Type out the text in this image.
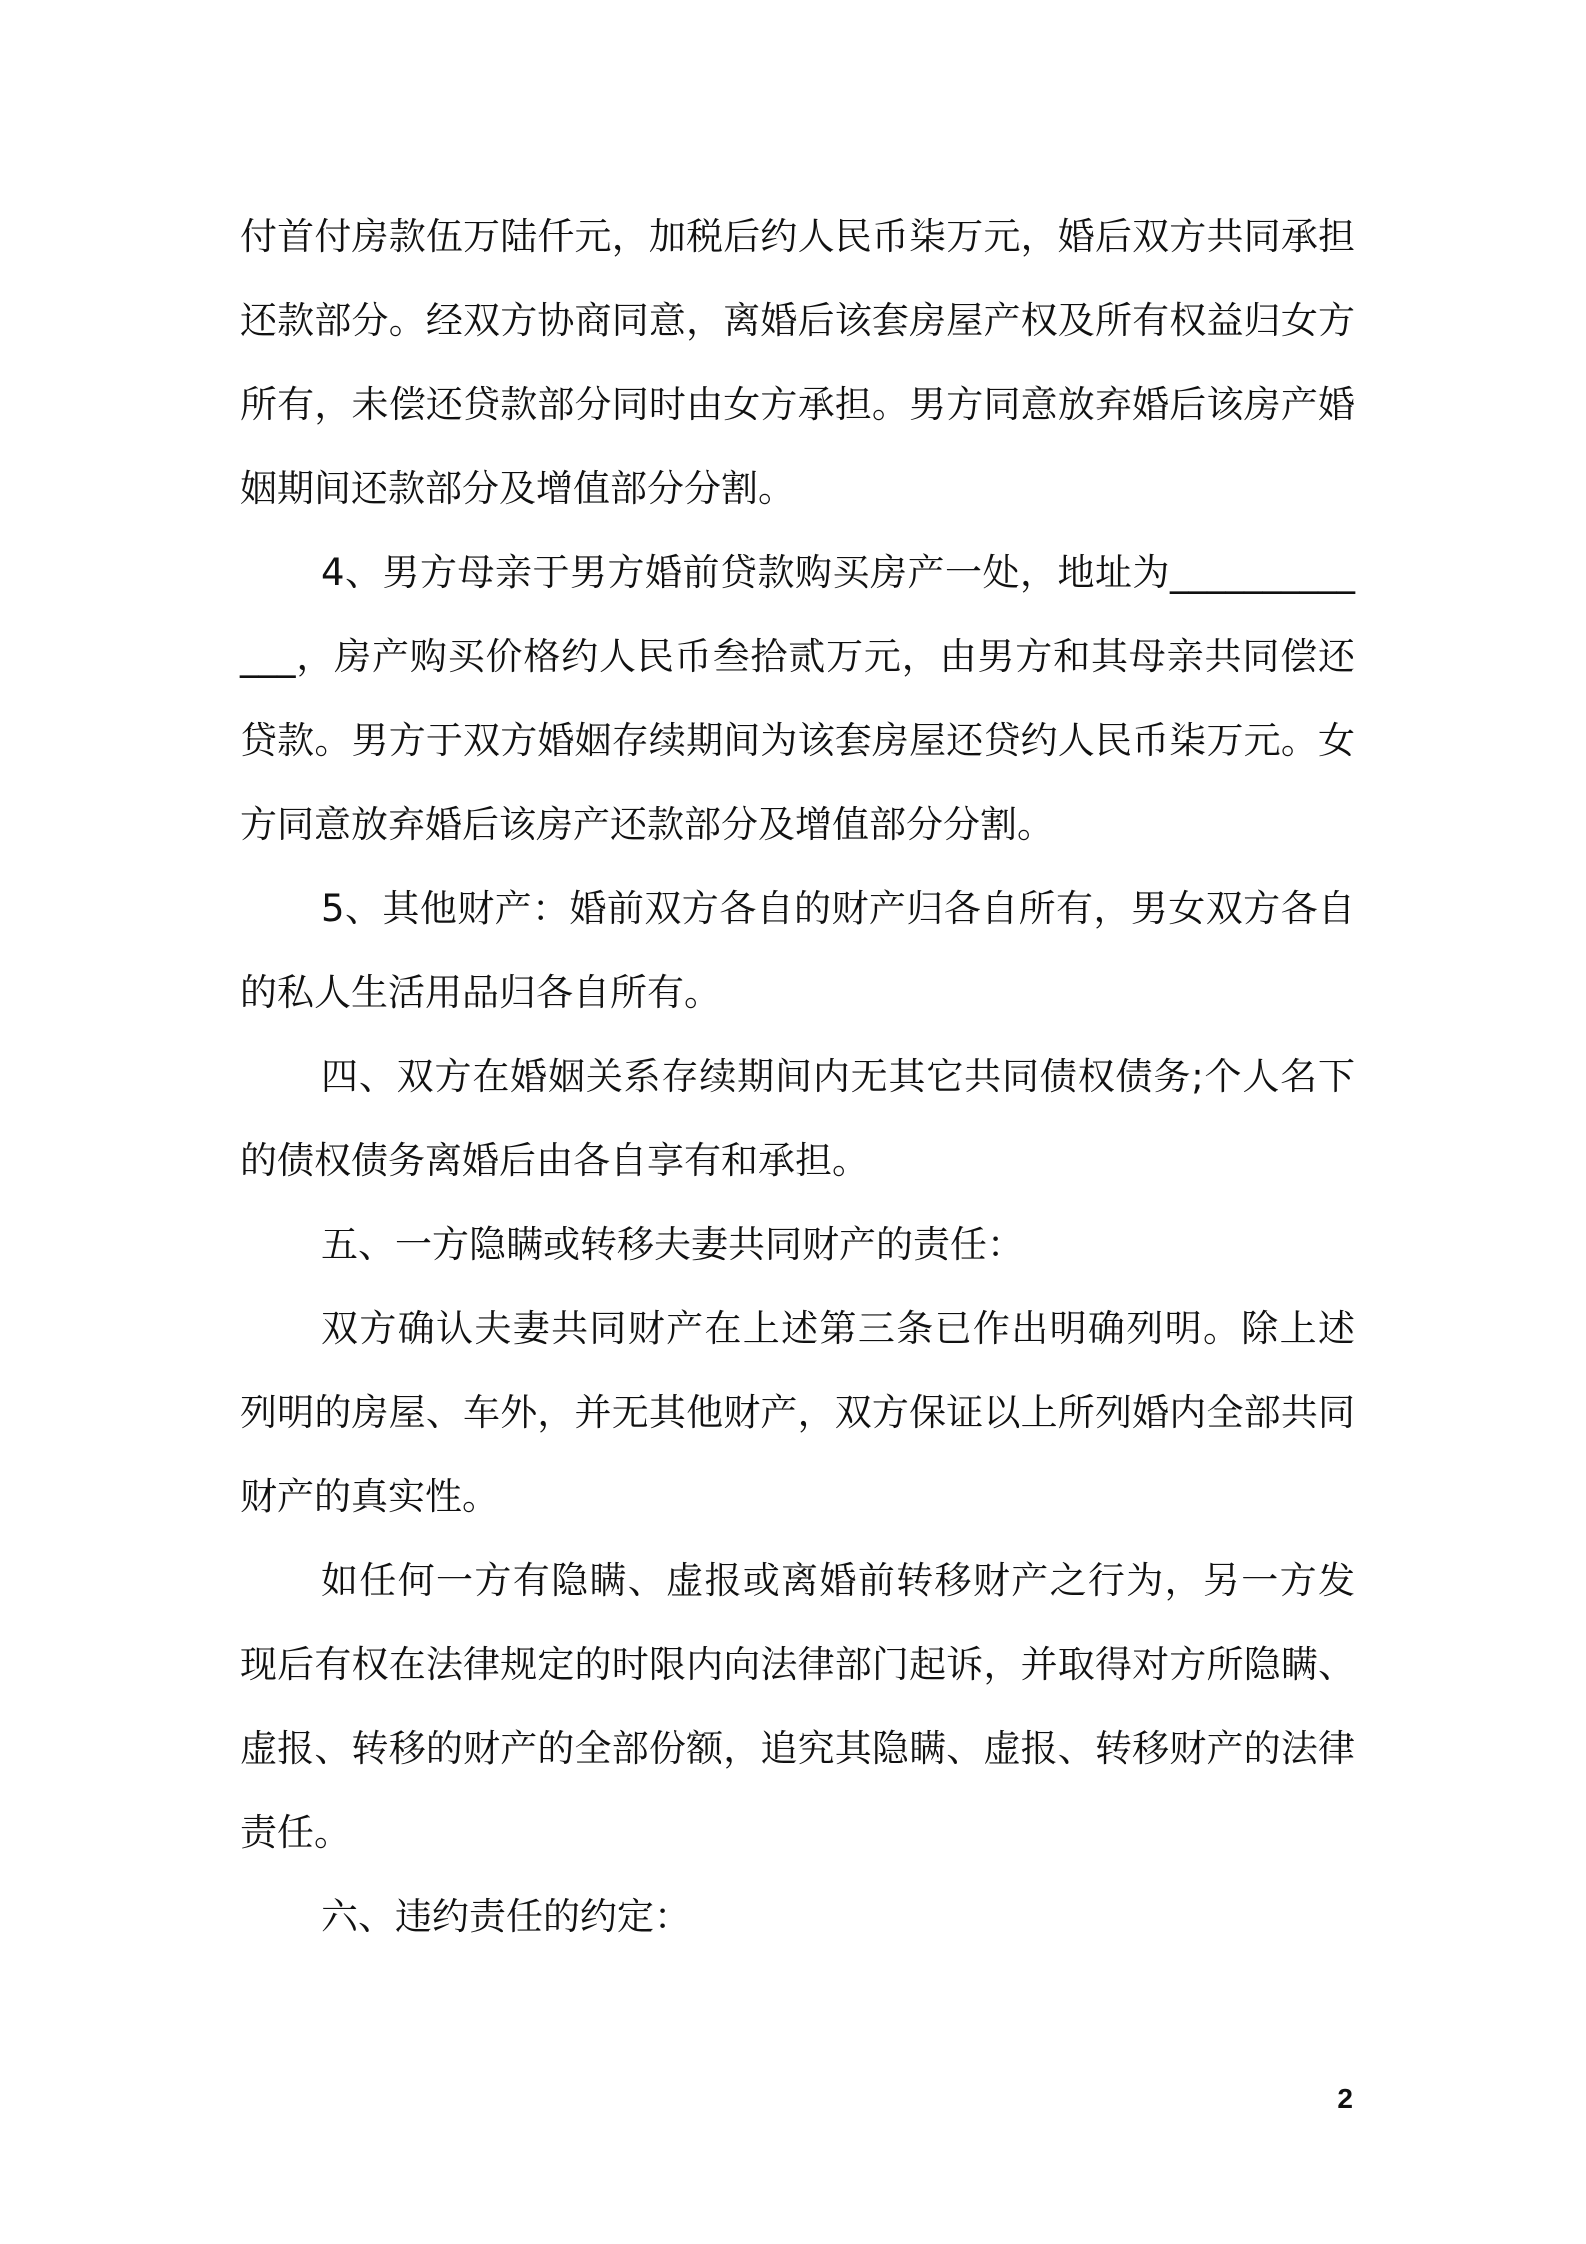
付首付房款伍万陆仟元，加税后约人民币柒万元，婚后双方共同承担还款部分。经双方协商同意，离婚后该套房屋产权及所有权益归女方所有，未偿还贷款部分同时由女方承担。男方同意放弃婚后该房产婚姻期间还款部分及增值部分分割。

4、男方母亲于男方婚前贷款购买房产一处，地址为_____________，房产购买价格约人民币叁拾贰万元，由男方和其母亲共同偿还贷款。男方于双方婚姻存续期间为该套房屋还贷约人民币柒万元。女方同意放弃婚后该房产还款部分及增值部分分割。

5、其他财产：婚前双方各自的财产归各自所有，男女双方各自的私人生活用品归各自所有。

四、双方在婚姻关系存续期间内无其它共同债权债务;个人名下的债权债务离婚后由各自享有和承担。

五、一方隐瞒或转移夫妻共同财产的责任：

双方确认夫妻共同财产在上述第三条已作出明确列明。除上述列明的房屋、车外，并无其他财产，双方保证以上所列婚内全部共同财产的真实性。

如任何一方有隐瞒、虚报或离婚前转移财产之行为，另一方发现后有权在法律规定的时限内向法律部门起诉，并取得对方所隐瞒、虚报、转移的财产的全部份额，追究其隐瞒、虚报、转移财产的法律责任。

六、违约责任的约定：

2
